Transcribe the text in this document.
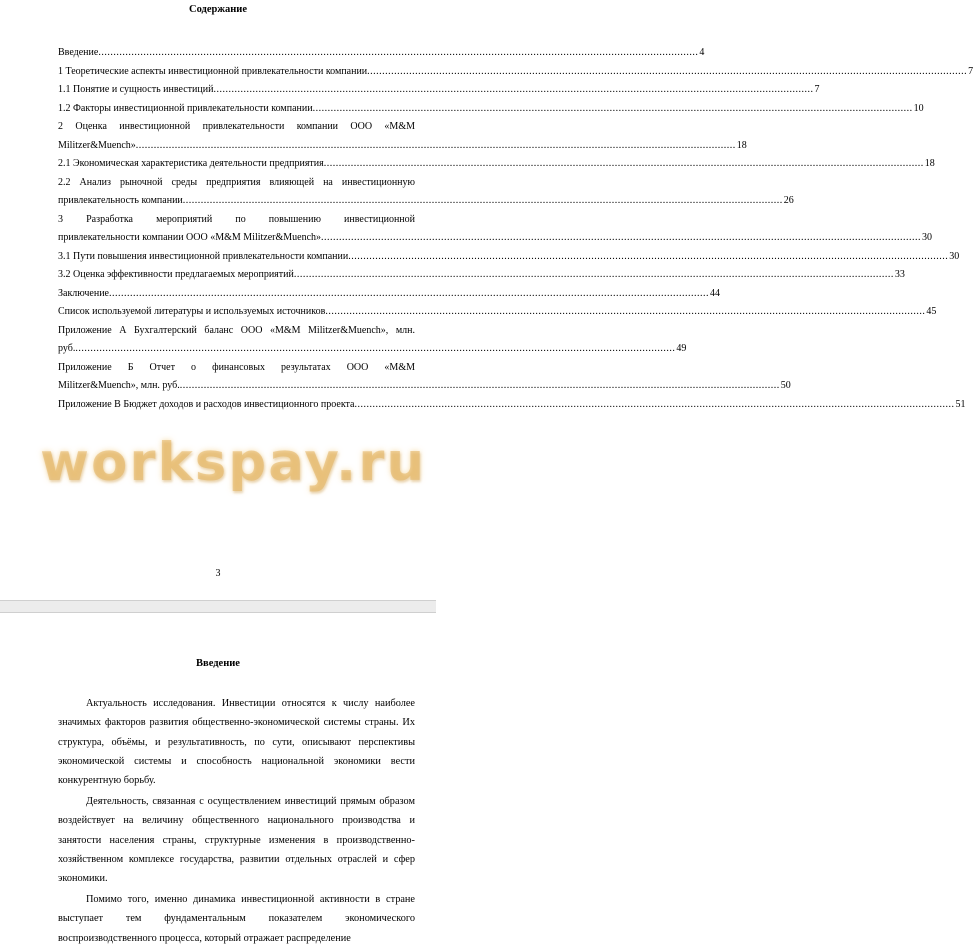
Содержание
Введение ........................................................................................................................................................................................................ 4
1 Теоретические аспекты инвестиционной привлекательности компании ........................................................................................................................................................................................................ 7
1.1 Понятие и сущность инвестиций ........................................................................................................................................................................................................ 7
1.2 Факторы инвестиционной привлекательности компании ........................................................................................................................................................................................................ 10
2 Оценка инвестиционной привлекательности компании ООО «M&M
Militzer&Muench» ........................................................................................................................................................................................................ 18
2.1 Экономическая характеристика деятельности предприятия ........................................................................................................................................................................................................ 18
2.2 Анализ рыночной среды предприятия влияющей на инвестиционную
привлекательность компании ........................................................................................................................................................................................................ 26
3 Разработка мероприятий по повышению инвестиционной
привлекательности компании ООО «M&M Militzer&Muench» ........................................................................................................................................................................................................ 30
3.1 Пути повышения инвестиционной привлекательности компании ........................................................................................................................................................................................................ 30
3.2 Оценка эффективности предлагаемых мероприятий ........................................................................................................................................................................................................ 33
Заключение ........................................................................................................................................................................................................ 44
Список используемой литературы и используемых источников ........................................................................................................................................................................................................ 45
Приложение А Бухгалтерский баланс ООО «M&M Militzer&Muench», млн.
руб. ........................................................................................................................................................................................................ 49
Приложение Б Отчет о финансовых результатах ООО «M&M
Militzer&Muench», млн. руб. ........................................................................................................................................................................................................ 50
Приложение В Бюджет доходов и расходов инвестиционного проекта ........................................................................................................................................................................................................ 51
workspay.ru
3
Введение

Актуальность исследования. Инвестиции относятся к числу наиболее значимых факторов развития общественно-экономической системы страны. Их структура, объёмы, и результативность, по сути, описывают перспективы экономической системы и способность национальной экономики вести конкурентную борьбу.

Деятельность, связанная с осуществлением инвестиций прямым образом воздействует на величину общественного национального производства и занятости населения страны, структурные изменения в производственно-хозяйственном комплексе государства, развитии отдельных отраслей и сфер экономики.

Помимо того, именно динамика инвестиционной активности в стране выступает тем фундаментальным показателем экономического воспроизводственного процесса, который отражает распределение
